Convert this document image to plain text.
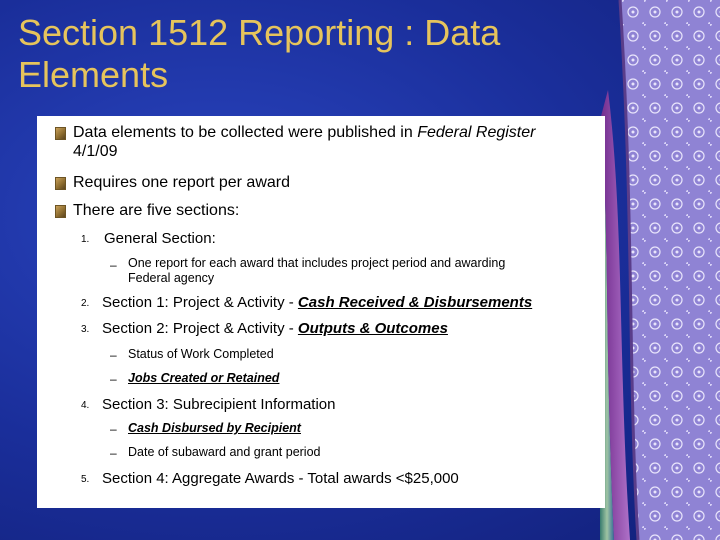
Section 1512 Reporting : Data Elements
Data elements to be collected were published in Federal Register
4/1/09
Requires one report per award
There are five sections:
1. General Section:
– One report for each award that includes project period and awarding
Federal agency
2. Section 1: Project & Activity - Cash Received & Disbursements
3. Section 2: Project & Activity - Outputs & Outcomes
– Status of Work Completed
– Jobs Created or Retained
4. Section 3: Subrecipient Information
– Cash Disbursed by Recipient
– Date of subaward and grant period
5. Section 4: Aggregate Awards - Total awards <$25,000
